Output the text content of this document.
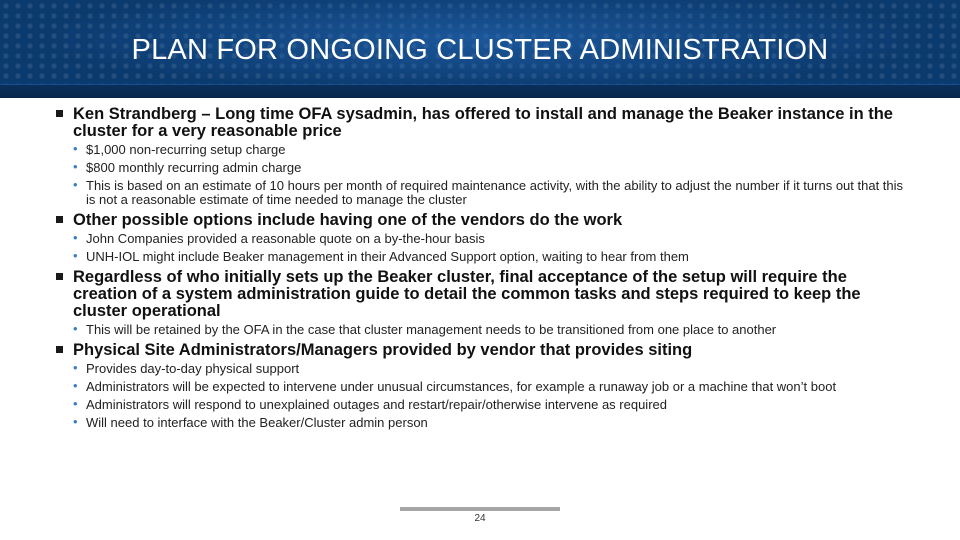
PLAN FOR ONGOING CLUSTER ADMINISTRATION

Ken Strandberg – Long time OFA sysadmin, has offered to install and manage the Beaker instance in the cluster for a very reasonable price

• $1,000 non-recurring setup charge

• $800 monthly recurring admin charge

• This is based on an estimate of 10 hours per month of required maintenance activity, with the ability to adjust the number if it turns out that this is not a reasonable estimate of time needed to manage the cluster

Other possible options include having one of the vendors do the work

• John Companies provided a reasonable quote on a by-the-hour basis

• UNH-IOL might include Beaker management in their Advanced Support option, waiting to hear from them

Regardless of who initially sets up the Beaker cluster, final acceptance of the setup will require the creation of a system administration guide to detail the common tasks and steps required to keep the cluster operational

• This will be retained by the OFA in the case that cluster management needs to be transitioned from one place to another

Physical Site Administrators/Managers provided by vendor that provides siting

• Provides day-to-day physical support

• Administrators will be expected to intervene under unusual circumstances, for example a runaway job or a machine that won’t boot

• Administrators will respond to unexplained outages and restart/repair/otherwise intervene as required

• Will need to interface with the Beaker/Cluster admin person

24
